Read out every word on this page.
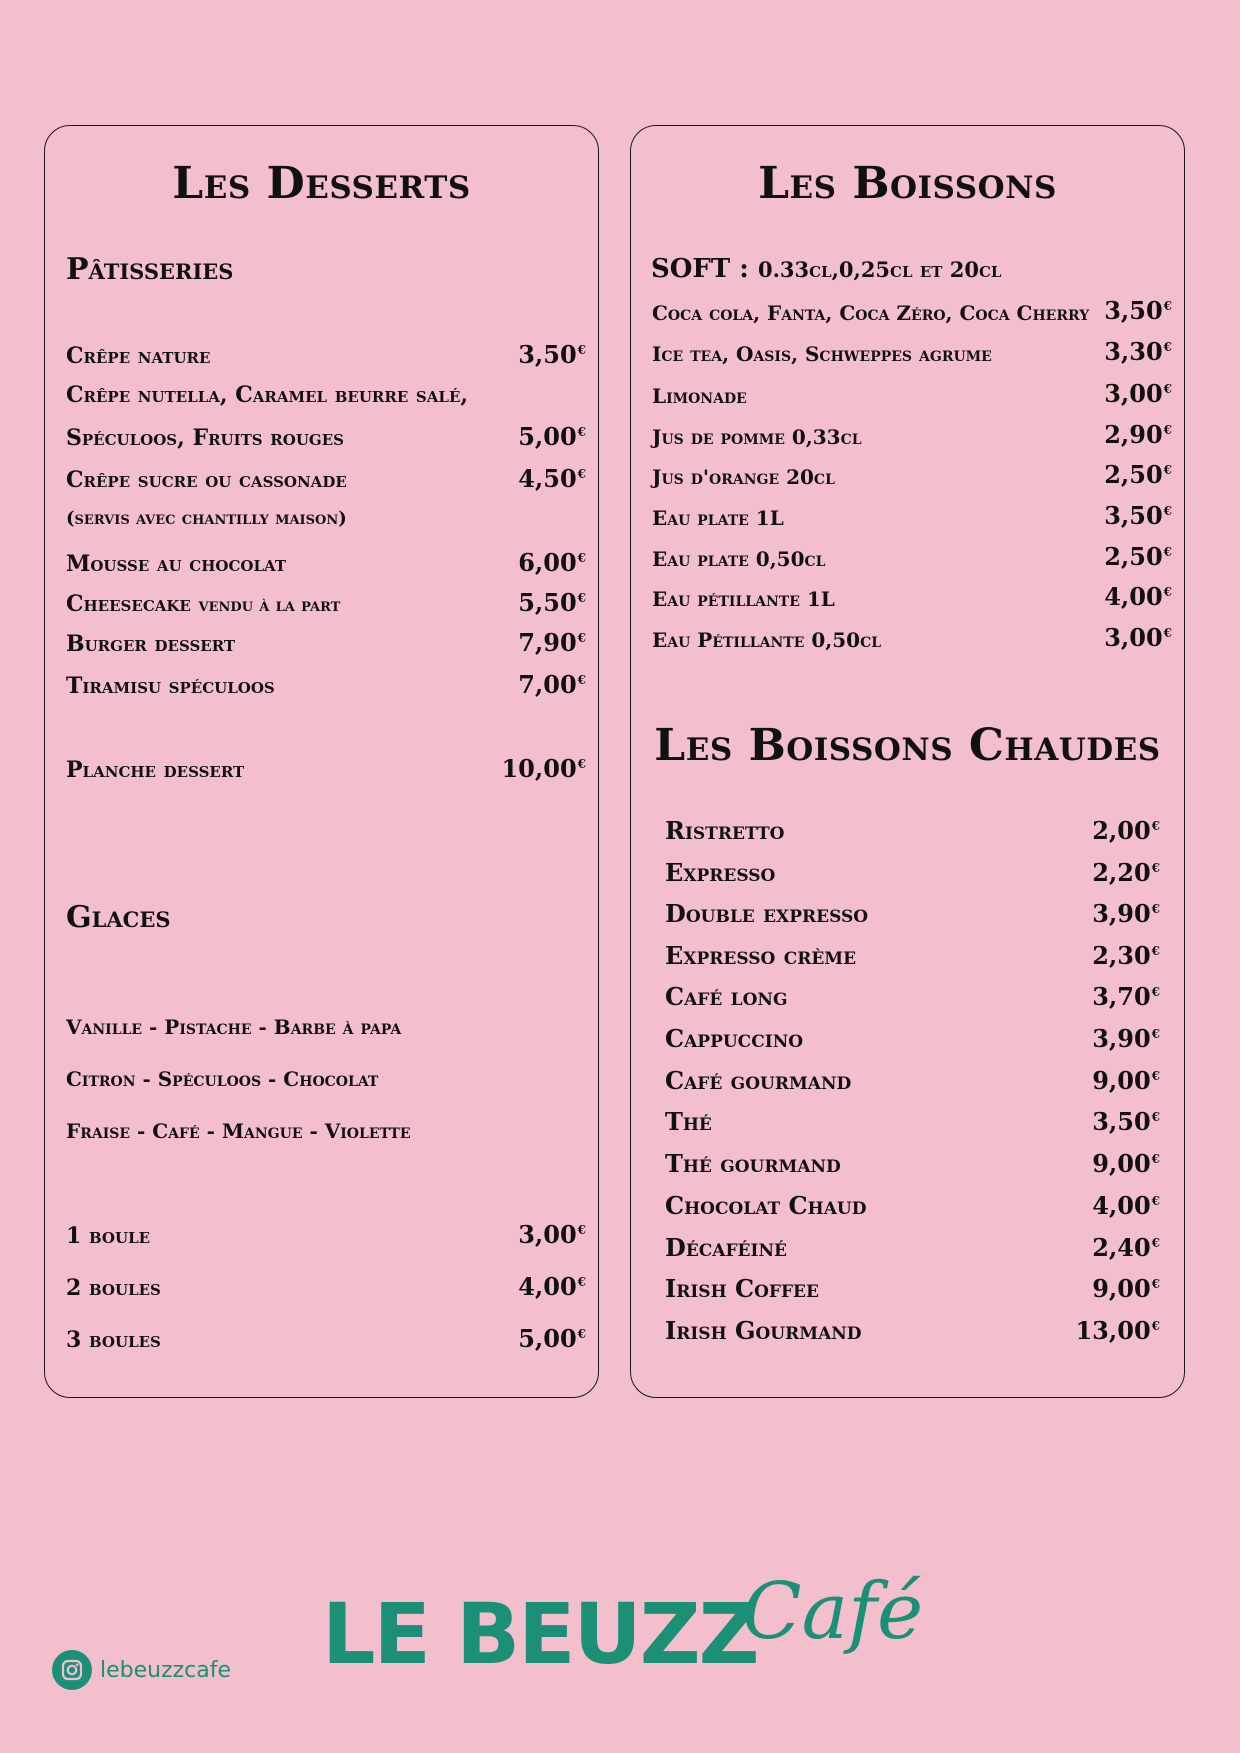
Les Desserts
Pâtisseries
Crêpe nature	3,50€
Crêpe nutella, Caramel beurre salé,
Spéculoos, Fruits rouges	5,00€
Crêpe sucre ou cassonade	4,50€
(servis avec chantilly maison)
Mousse au chocolat	6,00€
Cheesecake vendu à la part	5,50€
Burger dessert	7,90€
Tiramisu spéculoos	7,00€
Planche dessert	10,00€
Glaces
Vanille - Pistache - Barbe à papa
Citron - Spéculoos - Chocolat
Fraise - Café - Mangue - Violette
1 boule	3,00€
2 boules	4,00€
3 boules	5,00€
Les Boissons
SOFT : 0.33cl,0,25cl et 20cl
Coca cola, Fanta, Coca Zéro, Coca Cherry 3,50€
Ice tea, Oasis, Schweppes agrume	3,30€
Limonade	3,00€
Jus de pomme 0,33cl	2,90€
Jus d'orange 20cl	2,50€
Eau plate 1L	3,50€
Eau plate 0,50cl	2,50€
Eau pétillante 1L	4,00€
Eau Pétillante 0,50cl	3,00€
Les Boissons Chaudes
Ristretto	2,00€
Expresso	2,20€
Double expresso	3,90€
Expresso crème	2,30€
Café long	3,70€
Cappuccino	3,90€
Café gourmand	9,00€
Thé	3,50€
Thé gourmand	9,00€
Chocolat Chaud	4,00€
Décaféiné	2,40€
Irish Coffee	9,00€
Irish Gourmand	13,00€
lebeuzzcafe LE BEUZZ
Café
